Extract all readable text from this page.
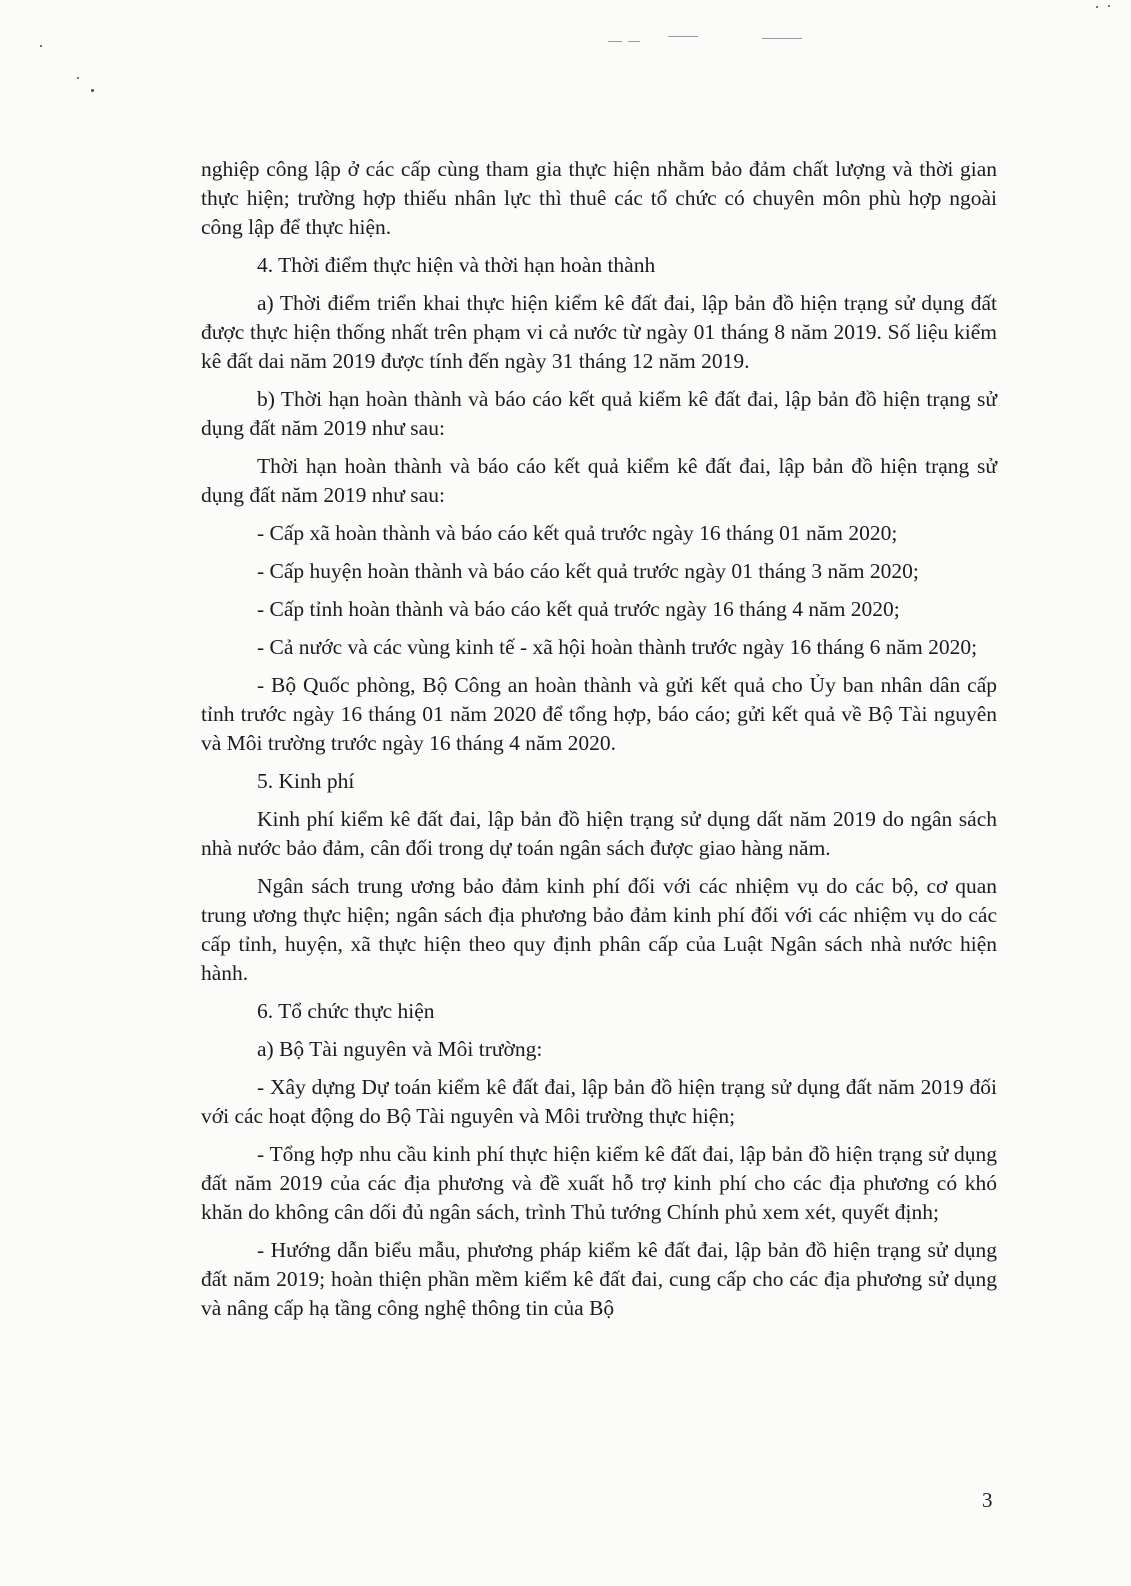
nghiệp công lập ở các cấp cùng tham gia thực hiện nhằm bảo đảm chất lượng và thời gian thực hiện; trường hợp thiếu nhân lực thì thuê các tổ chức có chuyên môn phù hợp ngoài công lập để thực hiện.

4. Thời điểm thực hiện và thời hạn hoàn thành

a) Thời điểm triển khai thực hiện kiểm kê đất đai, lập bản đồ hiện trạng sử dụng đất được thực hiện thống nhất trên phạm vi cả nước từ ngày 01 tháng 8 năm 2019. Số liệu kiểm kê đất dai năm 2019 được tính đến ngày 31 tháng 12 năm 2019.

b) Thời hạn hoàn thành và báo cáo kết quả kiểm kê đất đai, lập bản đồ hiện trạng sử dụng đất năm 2019 như sau:

Thời hạn hoàn thành và báo cáo kết quả kiểm kê đất đai, lập bản đồ hiện trạng sử dụng đất năm 2019 như sau:

- Cấp xã hoàn thành và báo cáo kết quả trước ngày 16 tháng 01 năm 2020;

- Cấp huyện hoàn thành và báo cáo kết quả trước ngày 01 tháng 3 năm 2020;

- Cấp tỉnh hoàn thành và báo cáo kết quả trước ngày 16 tháng 4 năm 2020;

- Cả nước và các vùng kinh tế - xã hội hoàn thành trước ngày 16 tháng 6 năm 2020;

- Bộ Quốc phòng, Bộ Công an hoàn thành và gửi kết quả cho Ủy ban nhân dân cấp tỉnh trước ngày 16 tháng 01 năm 2020 để tổng hợp, báo cáo; gửi kết quả về Bộ Tài nguyên và Môi trường trước ngày 16 tháng 4 năm 2020.

5. Kinh phí

Kinh phí kiểm kê đất đai, lập bản đồ hiện trạng sử dụng dất năm 2019 do ngân sách nhà nước bảo đảm, cân đối trong dự toán ngân sách được giao hàng năm.

Ngân sách trung ương bảo đảm kinh phí đối với các nhiệm vụ do các bộ, cơ quan trung ương thực hiện; ngân sách địa phương bảo đảm kinh phí đối với các nhiệm vụ do các cấp tỉnh, huyện, xã thực hiện theo quy định phân cấp của Luật Ngân sách nhà nước hiện hành.

6. Tổ chức thực hiện

a) Bộ Tài nguyên và Môi trường:

- Xây dựng Dự toán kiểm kê đất đai, lập bản đồ hiện trạng sử dụng đất năm 2019 đối với các hoạt động do Bộ Tài nguyên và Môi trường thực hiện;

- Tổng hợp nhu cầu kinh phí thực hiện kiểm kê đất đai, lập bản đồ hiện trạng sử dụng đất năm 2019 của các địa phương và đề xuất hỗ trợ kinh phí cho các địa phương có khó khăn do không cân dối đủ ngân sách, trình Thủ tướng Chính phủ xem xét, quyết định;

- Hướng dẫn biểu mẫu, phương pháp kiểm kê đất đai, lập bản đồ hiện trạng sử dụng đất năm 2019; hoàn thiện phần mềm kiểm kê đất đai, cung cấp cho các địa phương sử dụng và nâng cấp hạ tầng công nghệ thông tin của Bộ

3
